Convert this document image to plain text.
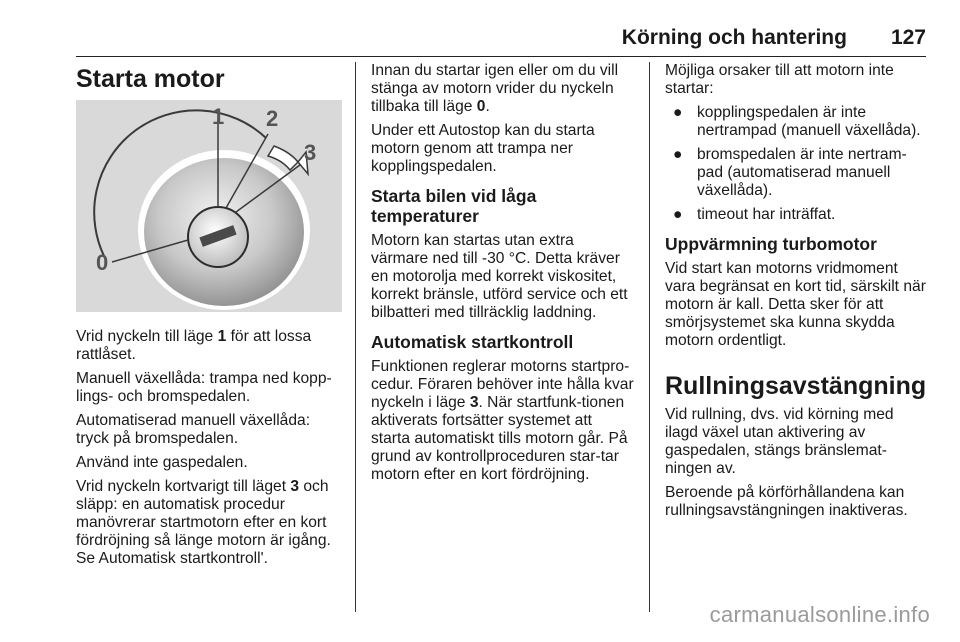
Körning och hantering 127
Starta motor
1 2
3
0

Vrid nyckeln till läge 1 för att lossa rattlåset.

Manuell växellåda: trampa ned kopp-lings- och bromspedalen.

Automatiserad manuell växellåda: tryck på bromspedalen.

Använd inte gaspedalen.

Vrid nyckeln kortvarigt till läget 3 och släpp: en automatisk procedur manövrerar startmotorn efter en kort fördröjning så länge motorn är igång. Se Automatisk startkontroll'.

Innan du startar igen eller om du vill stänga av motorn vrider du nyckeln tillbaka till läge 0.

Under ett Autostop kan du starta motorn genom att trampa ner kopplingspedalen.

Starta bilen vid låga temperaturer

Motorn kan startas utan extra värmare ned till -30 °C. Detta kräver en motorolja med korrekt viskositet, korrekt bränsle, utförd service och ett bilbatteri med tillräcklig laddning.

Automatisk startkontroll

Funktionen reglerar motorns startpro-cedur. Föraren behöver inte hålla kvar nyckeln i läge 3. När startfunk-tionen aktiverats fortsätter systemet att starta automatiskt tills motorn går. På grund av kontrollproceduren star-tar motorn efter en kort fördröjning.

Möjliga orsaker till att motorn inte startar:

● kopplingspedalen är inte nertrampad (manuell växellåda).
● bromspedalen är inte nertram-pad (automatiserad manuell växellåda).
● timeout har inträffat.
Uppvärmning turbomotor

Vid start kan motorns vridmoment vara begränsat en kort tid, särskilt när motorn är kall. Detta sker för att smörjsystemet ska kunna skydda motorn ordentligt.

Rullningsavstängning

Vid rullning, dvs. vid körning med ilagd växel utan aktivering av gaspedalen, stängs bränslemat-ningen av.

Beroende på körförhållandena kan rullningsavstängningen inaktiveras.

carmanualsonline.info
